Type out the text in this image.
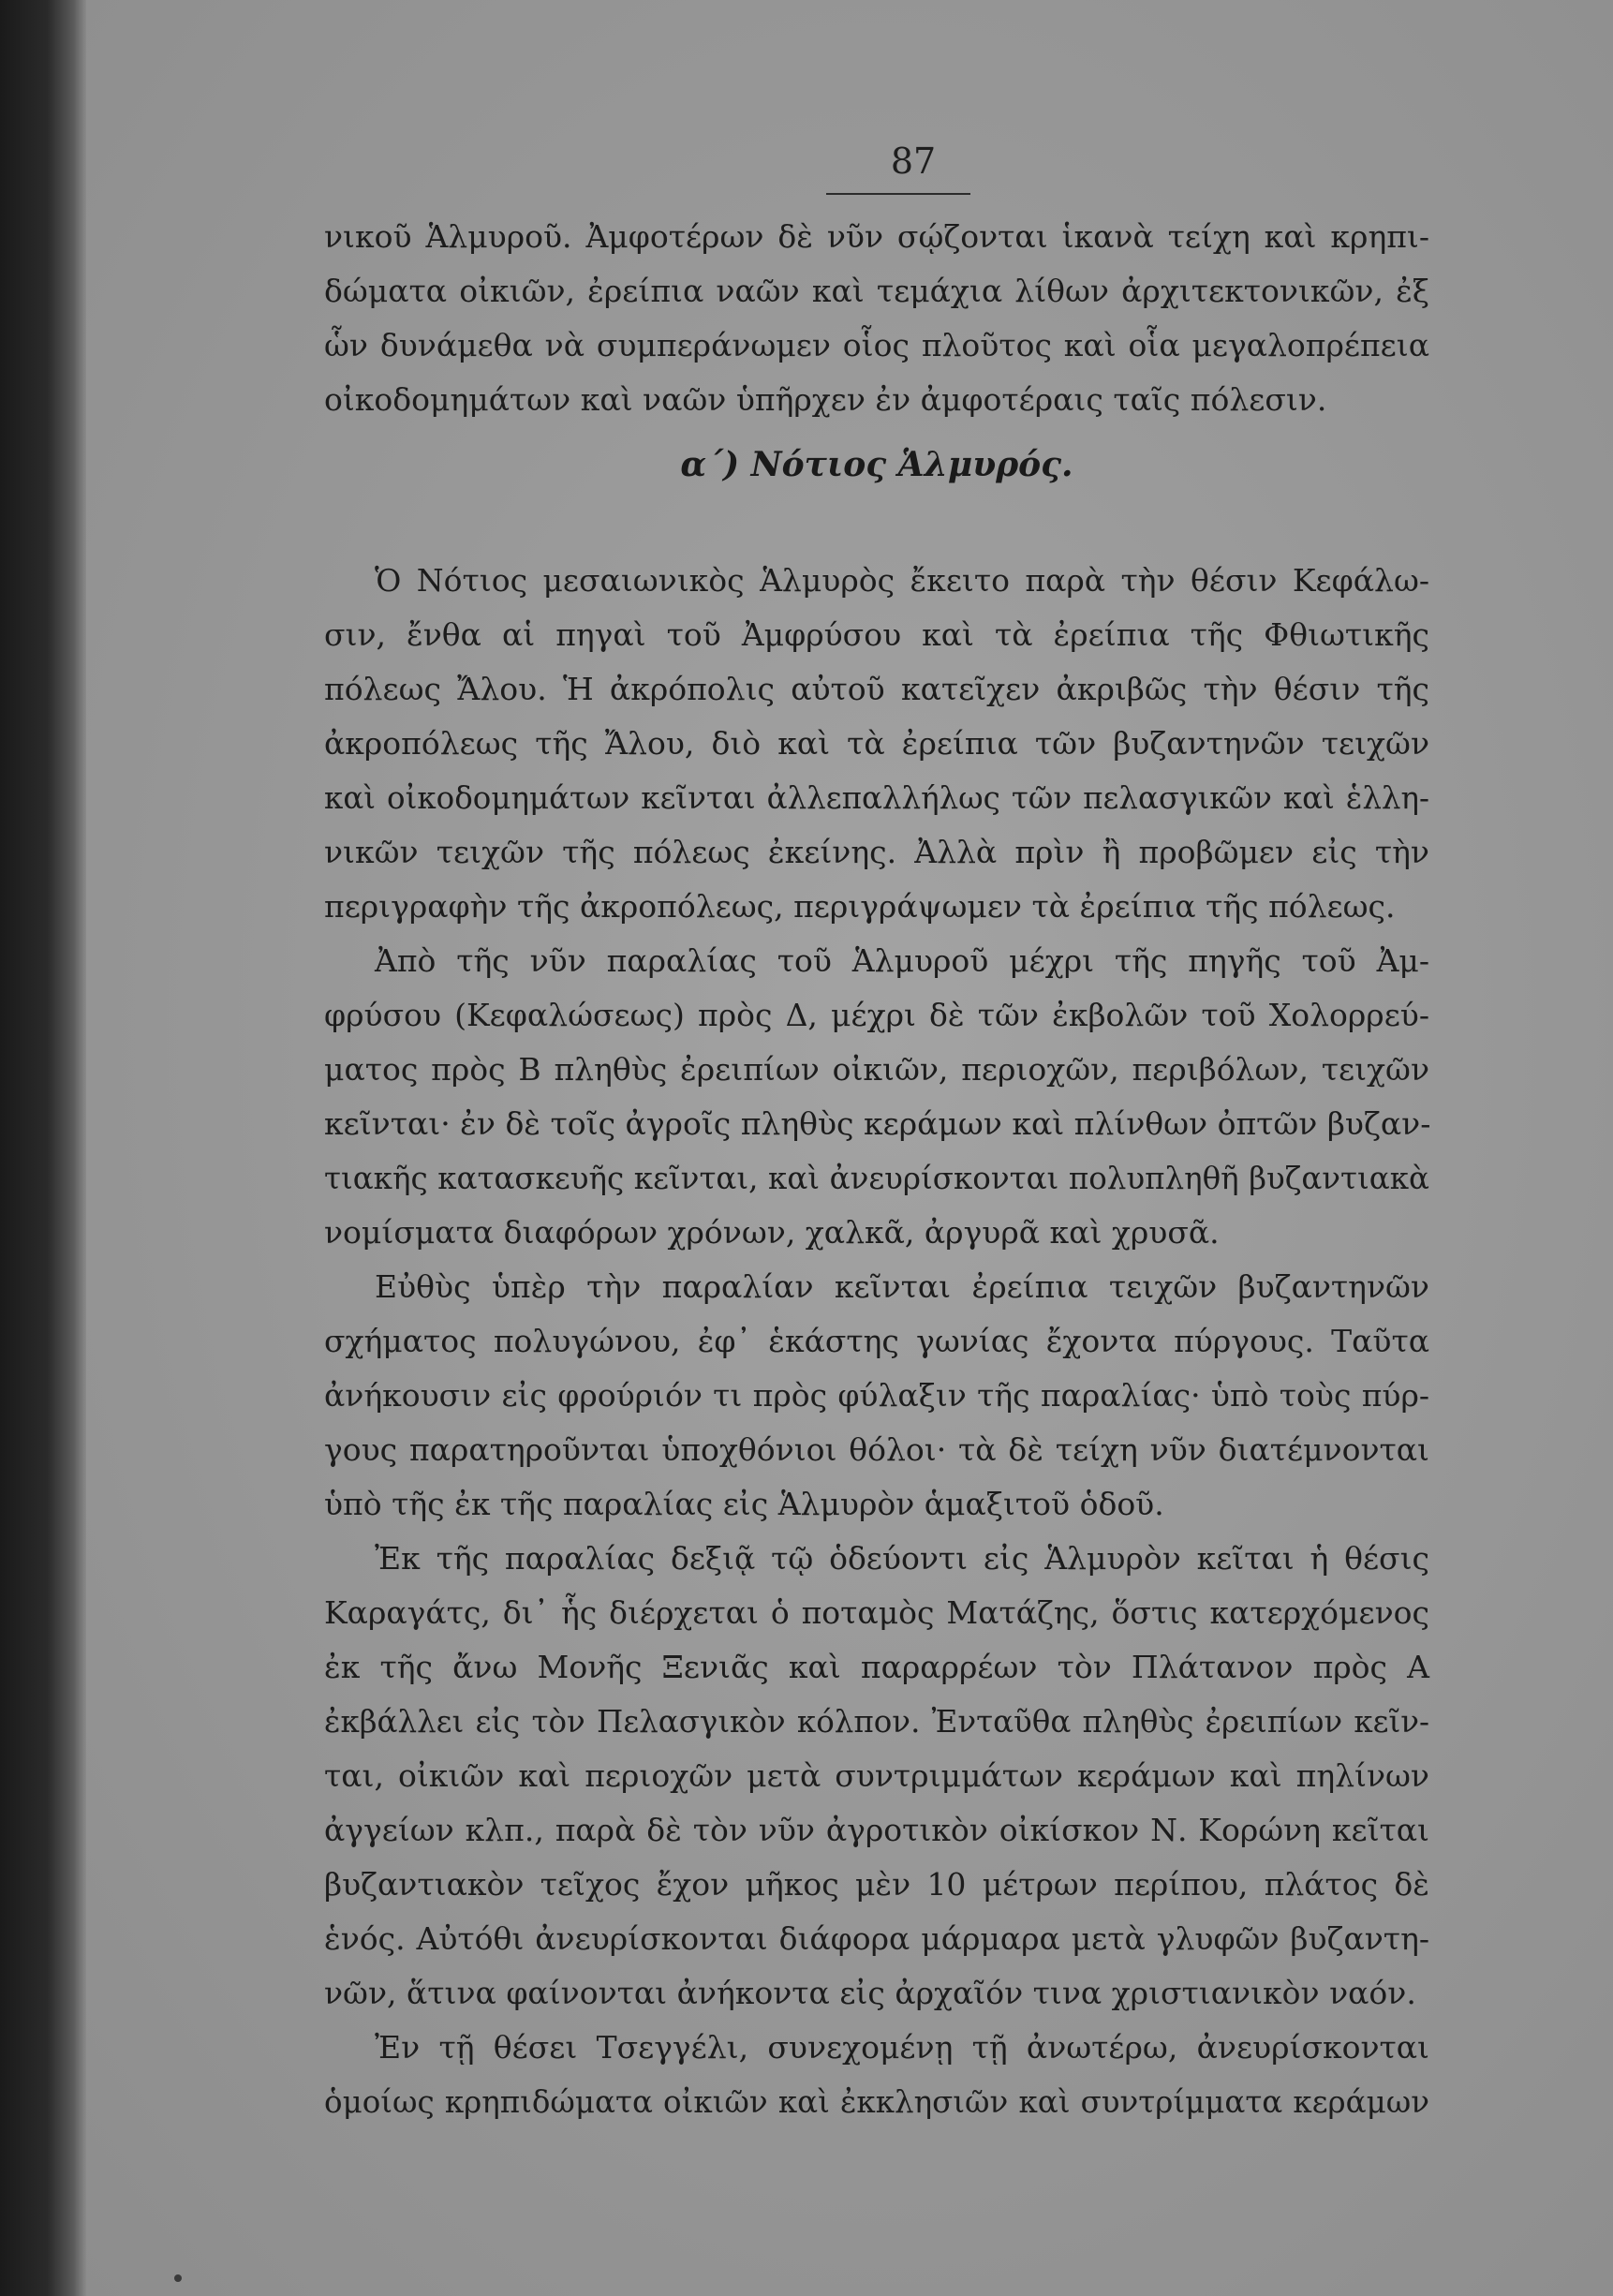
87
νικοῦ Ἁλμυροῦ. Ἀμφοτέρων δὲ νῦν σῴζονται ἱκανὰ τείχη καὶ κρηπι-
δώματα οἰκιῶν, ἐρείπια ναῶν καὶ τεμάχια λίθων ἀρχιτεκτονικῶν, ἐξ
ὧν δυνάμεθα νὰ συμπεράνωμεν οἷος πλοῦτος καὶ οἷα μεγαλοπρέπεια
οἰκοδομημάτων καὶ ναῶν ὑπῆρχεν ἐν ἀμφοτέραις ταῖς πόλεσιν.
α΄) Νότιος Ἁλμυρός.
Ὁ Νότιος μεσαιωνικὸς Ἁλμυρὸς ἔκειτο παρὰ τὴν θέσιν Κεφάλω-
σιν, ἔνθα αἱ πηγαὶ τοῦ Ἀμφρύσου καὶ τὰ ἐρείπια τῆς Φθιωτικῆς
πόλεως Ἄλου. Ἡ ἀκρόπολις αὐτοῦ κατεῖχεν ἀκριβῶς τὴν θέσιν τῆς
ἀκροπόλεως τῆς Ἄλου, διὸ καὶ τὰ ἐρείπια τῶν βυζαντηνῶν τειχῶν
καὶ οἰκοδομημάτων κεῖνται ἀλλεπαλλήλως τῶν πελασγικῶν καὶ ἑλλη-
νικῶν τειχῶν τῆς πόλεως ἐκείνης. Ἀλλὰ πρὶν ἢ προβῶμεν εἰς τὴν
περιγραφὴν τῆς ἀκροπόλεως, περιγράψωμεν τὰ ἐρείπια τῆς πόλεως.
Ἀπὸ τῆς νῦν παραλίας τοῦ Ἁλμυροῦ μέχρι τῆς πηγῆς τοῦ Ἀμ-
φρύσου (Κεφαλώσεως) πρὸς Δ, μέχρι δὲ τῶν ἐκβολῶν τοῦ Χολορρεύ-
ματος πρὸς Β πληθὺς ἐρειπίων οἰκιῶν, περιοχῶν, περιβόλων, τειχῶν
κεῖνται· ἐν δὲ τοῖς ἀγροῖς πληθὺς κεράμων καὶ πλίνθων ὀπτῶν βυζαν-
τιακῆς κατασκευῆς κεῖνται, καὶ ἀνευρίσκονται πολυπληθῆ βυζαντιακὰ
νομίσματα διαφόρων χρόνων, χαλκᾶ, ἀργυρᾶ καὶ χρυσᾶ.
Εὐθὺς ὑπὲρ τὴν παραλίαν κεῖνται ἐρείπια τειχῶν βυζαντηνῶν
σχήματος πολυγώνου, ἐφ᾽ ἑκάστης γωνίας ἔχοντα πύργους. Ταῦτα
ἀνήκουσιν εἰς φρούριόν τι πρὸς φύλαξιν τῆς παραλίας· ὑπὸ τοὺς πύρ-
γους παρατηροῦνται ὑποχθόνιοι θόλοι· τὰ δὲ τείχη νῦν διατέμνονται
ὑπὸ τῆς ἐκ τῆς παραλίας εἰς Ἁλμυρὸν ἁμαξιτοῦ ὁδοῦ.
Ἐκ τῆς παραλίας δεξιᾷ τῷ ὁδεύοντι εἰς Ἁλμυρὸν κεῖται ἡ θέσις
Καραγάτς, δι᾽ ἧς διέρχεται ὁ ποταμὸς Ματάζης, ὅστις κατερχόμενος
ἐκ τῆς ἄνω Μονῆς Ξενιᾶς καὶ παραρρέων τὸν Πλάτανον πρὸς Α
ἐκβάλλει εἰς τὸν Πελασγικὸν κόλπον. Ἐνταῦθα πληθὺς ἐρειπίων κεῖν-
ται, οἰκιῶν καὶ περιοχῶν μετὰ συντριμμάτων κεράμων καὶ πηλίνων
ἀγγείων κλπ., παρὰ δὲ τὸν νῦν ἀγροτικὸν οἰκίσκον Ν. Κορώνη κεῖται
βυζαντιακὸν τεῖχος ἔχον μῆκος μὲν 10 μέτρων περίπου, πλάτος δὲ
ἑνός. Αὐτόθι ἀνευρίσκονται διάφορα μάρμαρα μετὰ γλυφῶν βυζαντη-
νῶν, ἅτινα φαίνονται ἀνήκοντα εἰς ἀρχαῖόν τινα χριστιανικὸν ναόν.
Ἐν τῇ θέσει Τσεγγέλι, συνεχομένῃ τῇ ἀνωτέρω, ἀνευρίσκονται
ὁμοίως κρηπιδώματα οἰκιῶν καὶ ἐκκλησιῶν καὶ συντρίμματα κεράμων
